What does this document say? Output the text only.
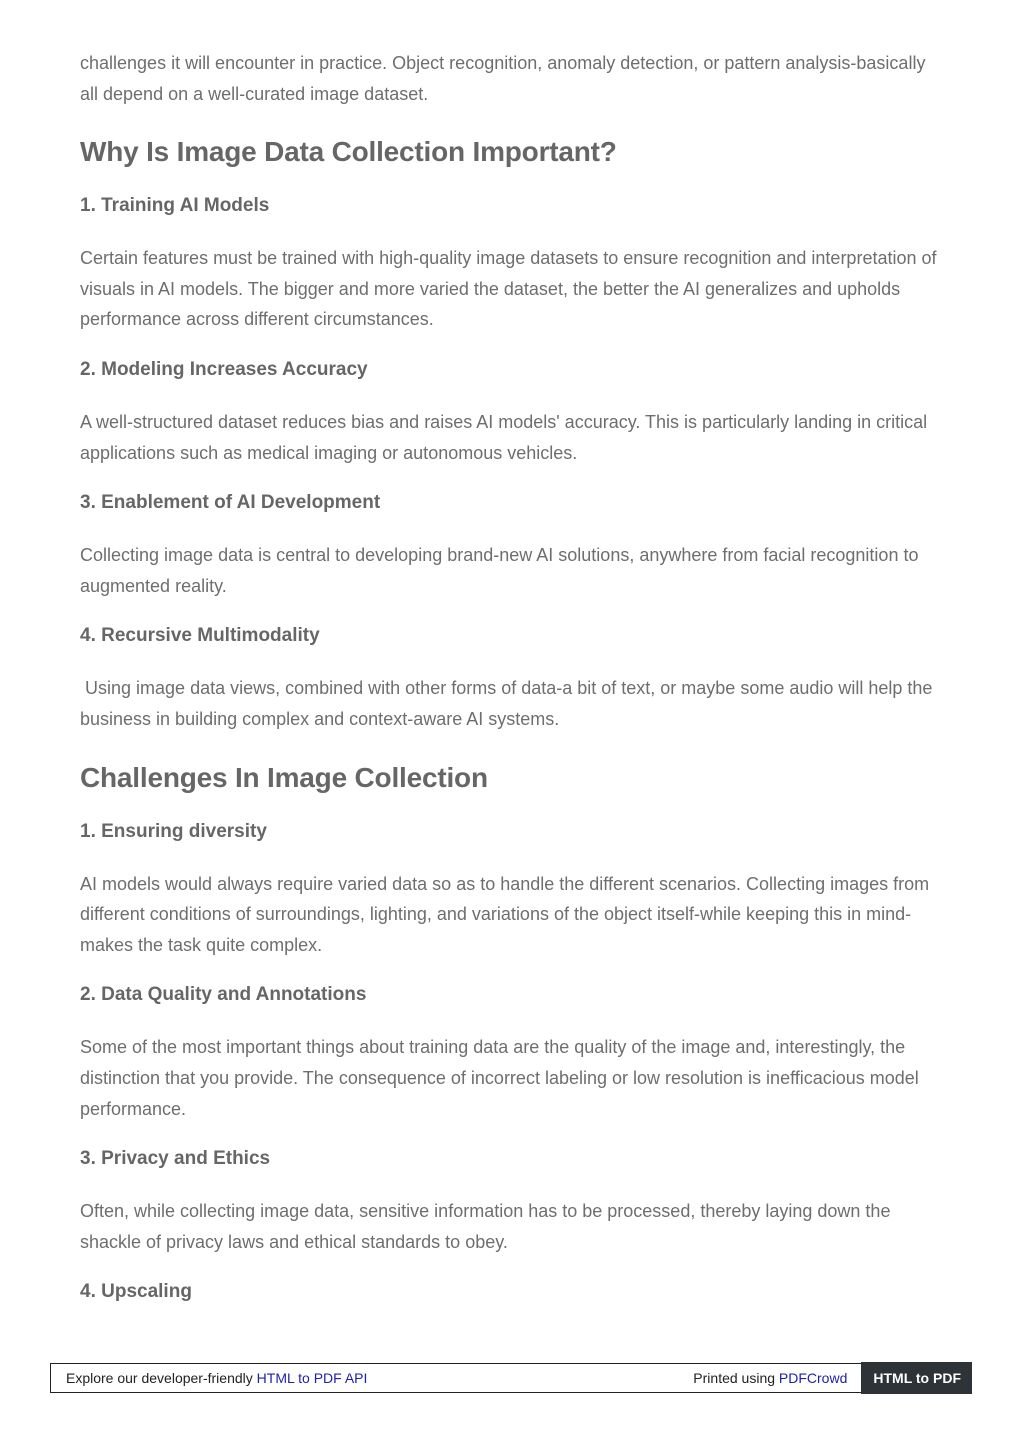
challenges it will encounter in practice. Object recognition, anomaly detection, or pattern analysis-basically all depend on a well-curated image dataset.

Why Is Image Data Collection Important?
1. Training AI Models

Certain features must be trained with high-quality image datasets to ensure recognition and interpretation of visuals in AI models. The bigger and more varied the dataset, the better the AI generalizes and upholds performance across different circumstances.

2. Modeling Increases Accuracy

A well-structured dataset reduces bias and raises AI models' accuracy. This is particularly landing in critical applications such as medical imaging or autonomous vehicles.

3. Enablement of AI Development

Collecting image data is central to developing brand-new AI solutions, anywhere from facial recognition to augmented reality.

4. Recursive Multimodality

Using image data views, combined with other forms of data-a bit of text, or maybe some audio will help the business in building complex and context-aware AI systems.

Challenges In Image Collection
1. Ensuring diversity

AI models would always require varied data so as to handle the different scenarios. Collecting images from different conditions of surroundings, lighting, and variations of the object itself-while keeping this in mind-makes the task quite complex.

2. Data Quality and Annotations

Some of the most important things about training data are the quality of the image and, interestingly, the distinction that you provide. The consequence of incorrect labeling or low resolution is inefficacious model performance.

3. Privacy and Ethics

Often, while collecting image data, sensitive information has to be processed, thereby laying down the shackle of privacy laws and ethical standards to obey.

4. Upscaling
Explore our developer-friendly HTML to PDF API	Printed using PDFCrowd	HTML to PDF
